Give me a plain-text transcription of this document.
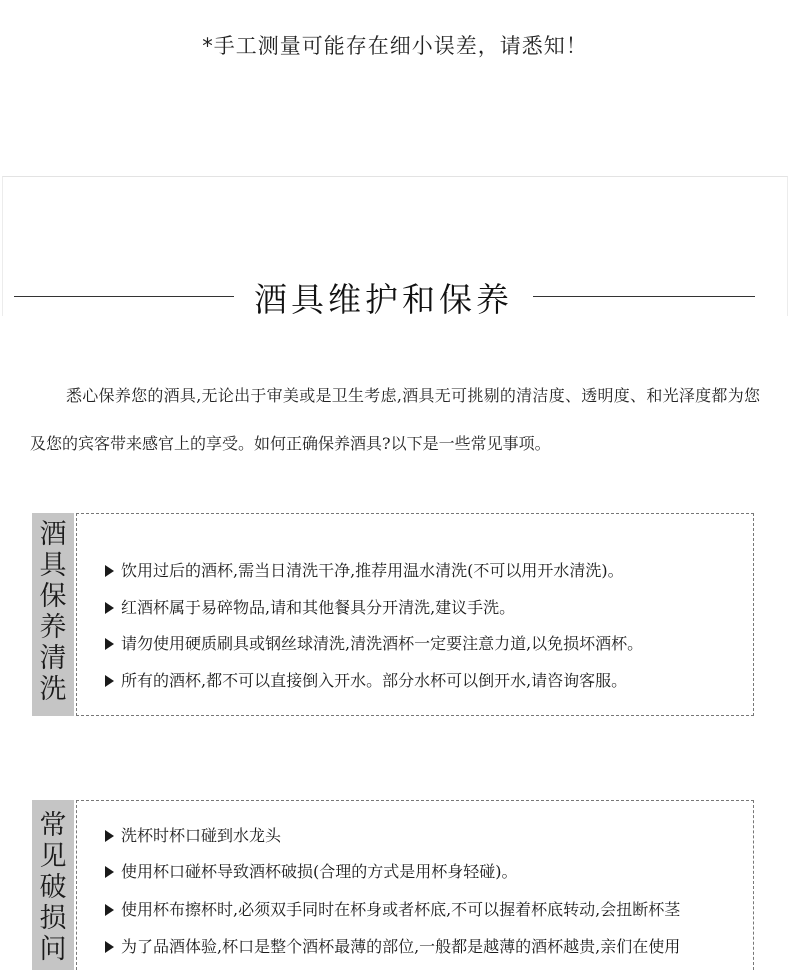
*手工测量可能存在细小误差，请悉知！
酒具维护和保养
悉心保养您的酒具,无论出于审美或是卫生考虑,酒具无可挑剔的清洁度、透明度、和光泽度都为您及您的宾客带来感官上的享受。如何正确保养酒具?以下是一些常见事项。
酒具保养清洗
饮用过后的酒杯,需当日清洗干净,推荐用温水清洗(不可以用开水清洗)。
红酒杯属于易碎物品,请和其他餐具分开清洗,建议手洗。
请勿使用硬质刷具或钢丝球清洗,清洗酒杯一定要注意力道,以免损坏酒杯。
所有的酒杯,都不可以直接倒入开水。部分水杯可以倒开水,请咨询客服。
常见破损问
洗杯时杯口碰到水龙头
使用杯口碰杯导致酒杯破损(合理的方式是用杯身轻碰)。
使用杯布擦杯时,必须双手同时在杯身或者杯底,不可以握着杯底转动,会扭断杯茎
为了品酒体验,杯口是整个酒杯最薄的部位,一般都是越薄的酒杯越贵,亲们在使用
